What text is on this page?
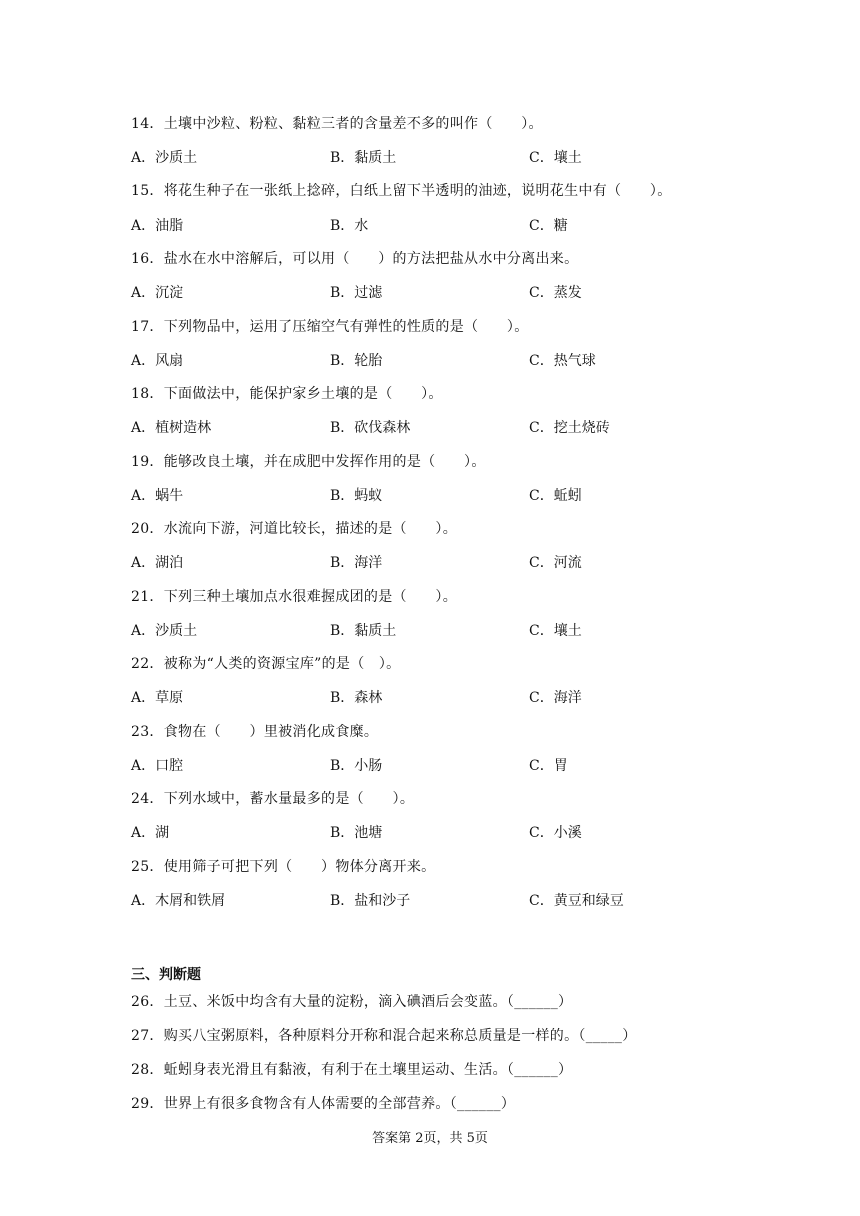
14．土壤中沙粒、粉粒、黏粒三者的含量差不多的叫作（　　）。
A．沙质土	B．黏质土	C．壤土
15．将花生种子在一张纸上捻碎，白纸上留下半透明的油迹，说明花生中有（　　）。
A．油脂	B．水	C．糖
16．盐水在水中溶解后，可以用（　　）的方法把盐从水中分离出来。
A．沉淀	B．过滤	C．蒸发
17．下列物品中，运用了压缩空气有弹性的性质的是（　　）。
A．风扇	B．轮胎	C．热气球
18．下面做法中，能保护家乡土壤的是（　　）。
A．植树造林	B．砍伐森林	C．挖土烧砖
19．能够改良土壤，并在成肥中发挥作用的是（　　）。
A．蜗牛	B．蚂蚁	C．蚯蚓
20．水流向下游，河道比较长，描述的是（　　）。
A．湖泊	B．海洋	C．河流
21．下列三种土壤加点水很难握成团的是（　　）。
A．沙质土	B．黏质土	C．壤土
22．被称为“人类的资源宝库”的是（　）。
A．草原	B．森林	C．海洋
23．食物在（　　）里被消化成食糜。
A．口腔	B．小肠	C．胃
24．下列水域中，蓄水量最多的是（　　）。
A．湖	B．池塘	C．小溪
25．使用筛子可把下列（　　）物体分离开来。
A．木屑和铁屑	B．盐和沙子	C．黄豆和绿豆
三、判断题
26．土豆、米饭中均含有大量的淀粉，滴入碘酒后会变蓝。（______）
27．购买八宝粥原料，各种原料分开称和混合起来称总质量是一样的。（_____）
28．蚯蚓身表光滑且有黏液，有利于在土壤里运动、生活。（______）
29．世界上有很多食物含有人体需要的全部营养。（______）
答案第 2页，共 5页
